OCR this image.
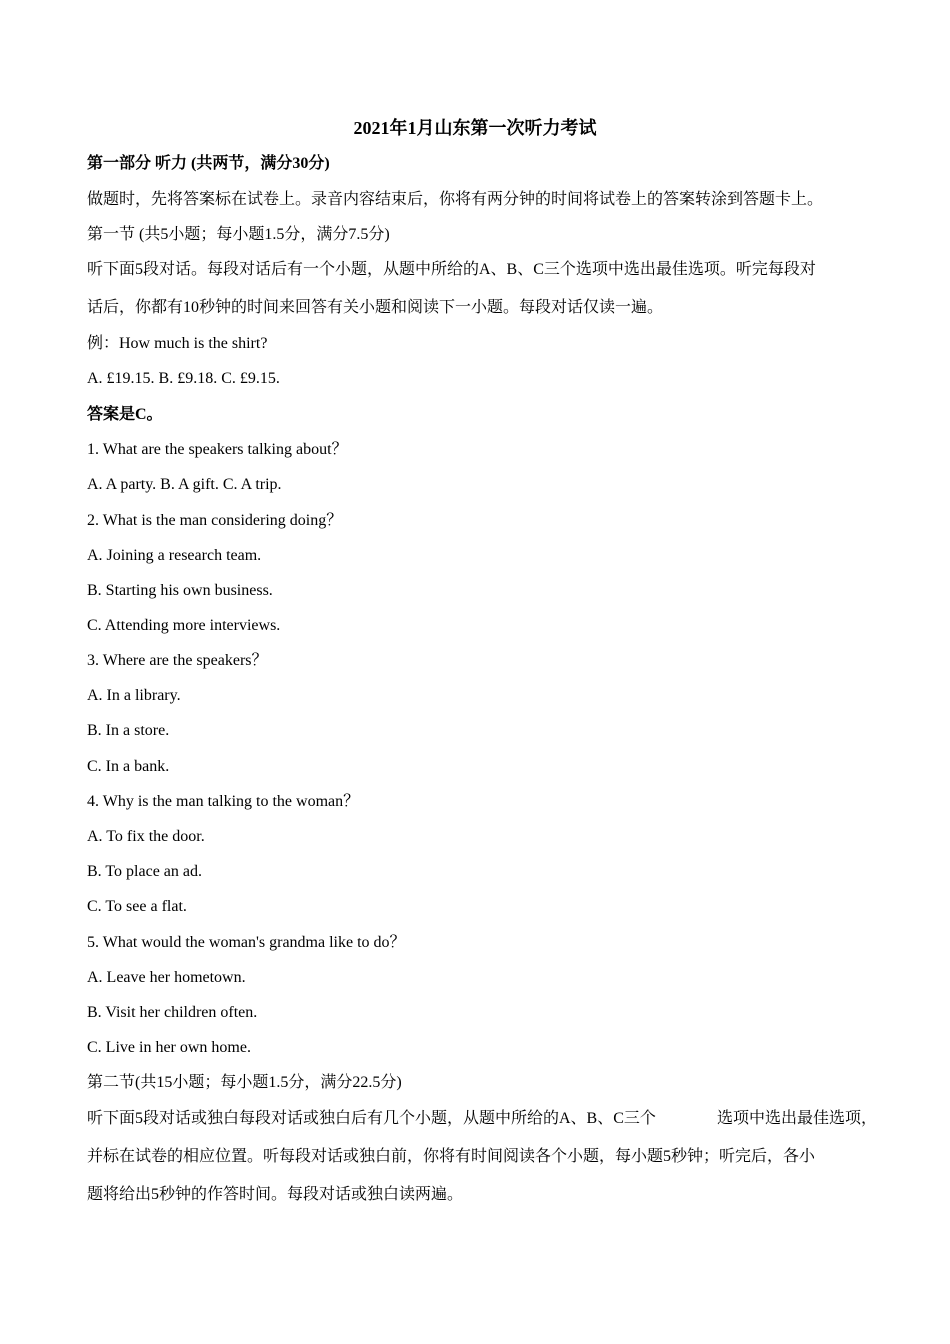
2021年1月山东第一次听力考试
第一部分 听力 (共两节，满分30分)
做题时，先将答案标在试卷上。录音内容结束后，你将有两分钟的时间将试卷上的答案转涂到答题卡上。
第一节 (共5小题；每小题1.5分，满分7.5分)
听下面5段对话。每段对话后有一个小题，从题中所给的A、B、C三个选项中选出最佳选项。听完每段对
话后，你都有10秒钟的时间来回答有关小题和阅读下一小题。每段对话仅读一遍。
例：How much is the shirt?
A. £19.15. B. £9.18. C. £9.15.
答案是C。
1. What are the speakers talking about？
A. A party. B. A gift. C. A trip.
2. What is the man considering doing？
A. Joining a research team.
B. Starting his own business.
C. Attending more interviews.
3. Where are the speakers？
A. In a library.
B. In a store.
C. In a bank.
4. Why is the man talking to the woman？
A. To fix the door.
B. To place an ad.
C. To see a flat.
5. What would the woman's grandma like to do？
A. Leave her hometown.
B. Visit her children often.
C. Live in her own home.
第二节(共15小题；每小题1.5分，满分22.5分)
听下面5段对话或独白每段对话或独白后有几个小题，从题中所给的A、B、C三个	选项中选出最佳选项，
并标在试卷的相应位置。听每段对话或独白前，你将有时间阅读各个小题，每小题5秒钟；听完后，各小
题将给出5秒钟的作答时间。每段对话或独白读两遍。
